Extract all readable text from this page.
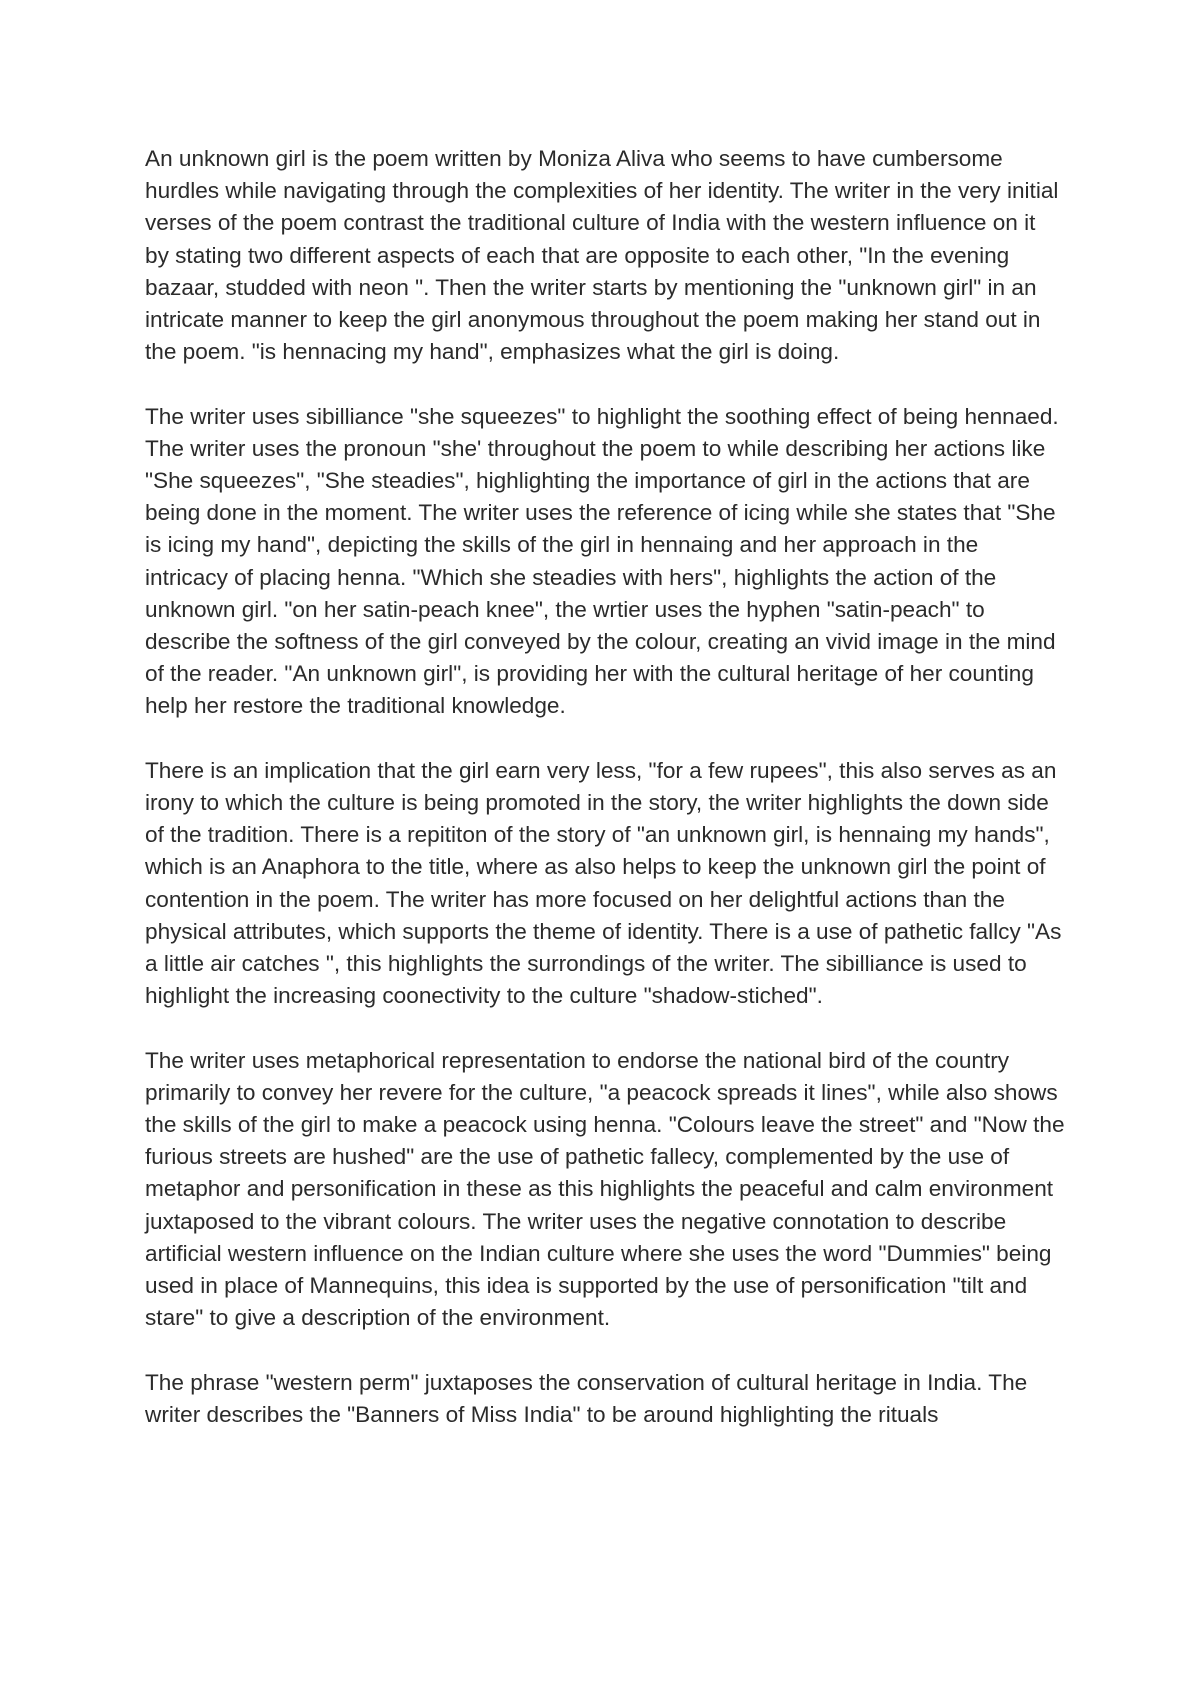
An unknown girl is the poem written by Moniza Aliva who seems to have cumbersome hurdles while navigating through the complexities of her identity. The writer in the very initial verses of the poem contrast the traditional culture of India with the western influence on it by stating two different aspects of each that are opposite to each other, "In the evening bazaar, studded with neon ". Then the writer starts by mentioning the "unknown girl" in an intricate manner to keep the girl anonymous throughout the poem making her stand out in the poem. "is hennacing my hand", emphasizes what the girl is doing.

The writer uses sibilliance "she squeezes" to highlight the soothing effect of being hennaed. The writer uses the pronoun "she' throughout the poem to while describing her actions like "She squeezes", "She steadies", highlighting the importance of girl in the actions that are being done in the moment. The writer uses the reference of icing while she states that "She is icing my hand", depicting the skills of the girl in hennaing and her approach in the intricacy of placing henna. "Which she steadies with hers", highlights the action of the unknown girl. "on her satin-peach knee", the wrtier uses the hyphen "satin-peach" to describe the softness of the girl conveyed by the colour, creating an vivid image in the mind of the reader. "An unknown girl", is providing her with the cultural heritage of her counting help her restore the traditional knowledge.

There is an implication that the girl earn very less, "for a few rupees", this also serves as an irony to which the culture is being promoted in the story, the writer highlights the down side of the tradition. There is a repititon of the story of "an unknown girl, is hennaing my hands", which is an Anaphora to the title, where as also helps to keep the unknown girl the point of contention in the poem. The writer has more focused on her delightful actions than the physical attributes, which supports the theme of identity. There is a use of pathetic fallcy "As a little air catches ", this highlights the surrondings of the writer. The sibilliance is used to highlight the increasing coonectivity to the culture "shadow-stiched".

The writer uses metaphorical representation to endorse the national bird of the country primarily to convey her revere for the culture, "a peacock spreads it lines", while also shows the skills of the girl to make a peacock using henna. "Colours leave the street" and "Now the furious streets are hushed" are the use of pathetic fallecy, complemented by the use of metaphor and personification in these as this highlights the peaceful and calm environment juxtaposed to the vibrant colours. The writer uses the negative connotation to describe artificial western influence on the Indian culture where she uses the word "Dummies" being used in place of Mannequins, this idea is supported by the use of personification "tilt and stare" to give a description of the environment.

The phrase "western perm" juxtaposes the conservation of cultural heritage in India. The writer describes the "Banners of Miss India" to be around highlighting the rituals
